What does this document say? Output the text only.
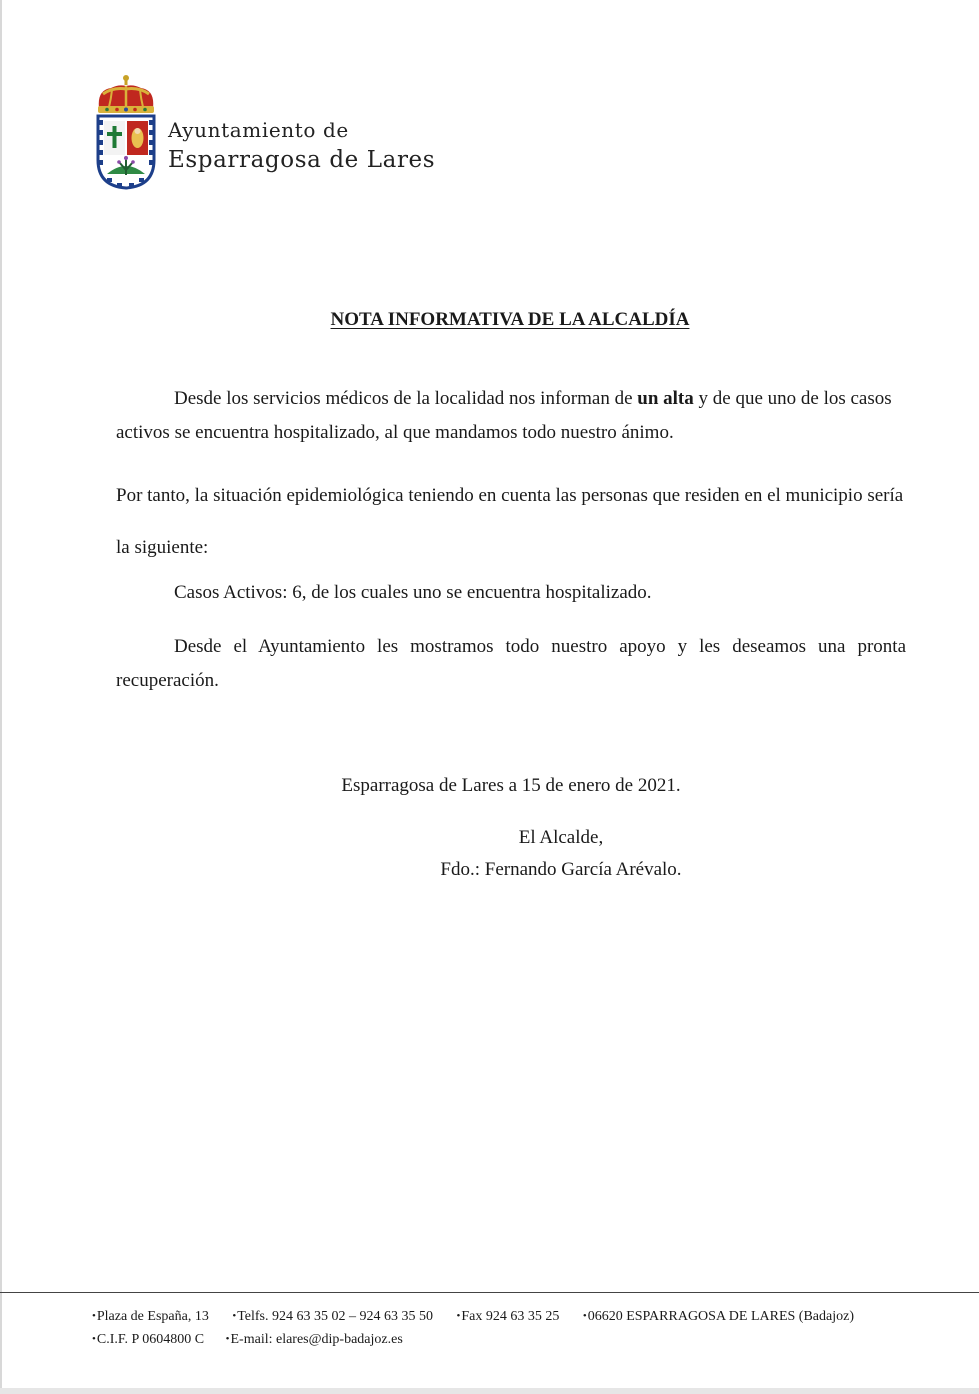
Ayuntamiento de
Esparragosa de Lares
NOTA INFORMATIVA DE LA ALCALDÍA

Desde los servicios médicos de la localidad nos informan de un alta y de que uno de los casos activos se encuentra hospitalizado, al que mandamos todo nuestro ánimo.

Por tanto, la situación epidemiológica teniendo en cuenta las personas que residen en el municipio sería la siguiente:

Casos Activos: 6, de los cuales uno se encuentra hospitalizado.

Desde el Ayuntamiento les mostramos todo nuestro apoyo y les deseamos una pronta recuperación.

Esparragosa de Lares a 15 de enero de 2021.
El Alcalde,
Fdo.: Fernando García Arévalo.
•Plaza de España, 13 •Telfs. 924 63 35 02 – 924 63 35 50 •Fax 924 63 35 25 •06620 ESPARRAGOSA DE LARES (Badajoz)
•C.I.F. P 0604800 C •E-mail: elares@dip-badajoz.es
